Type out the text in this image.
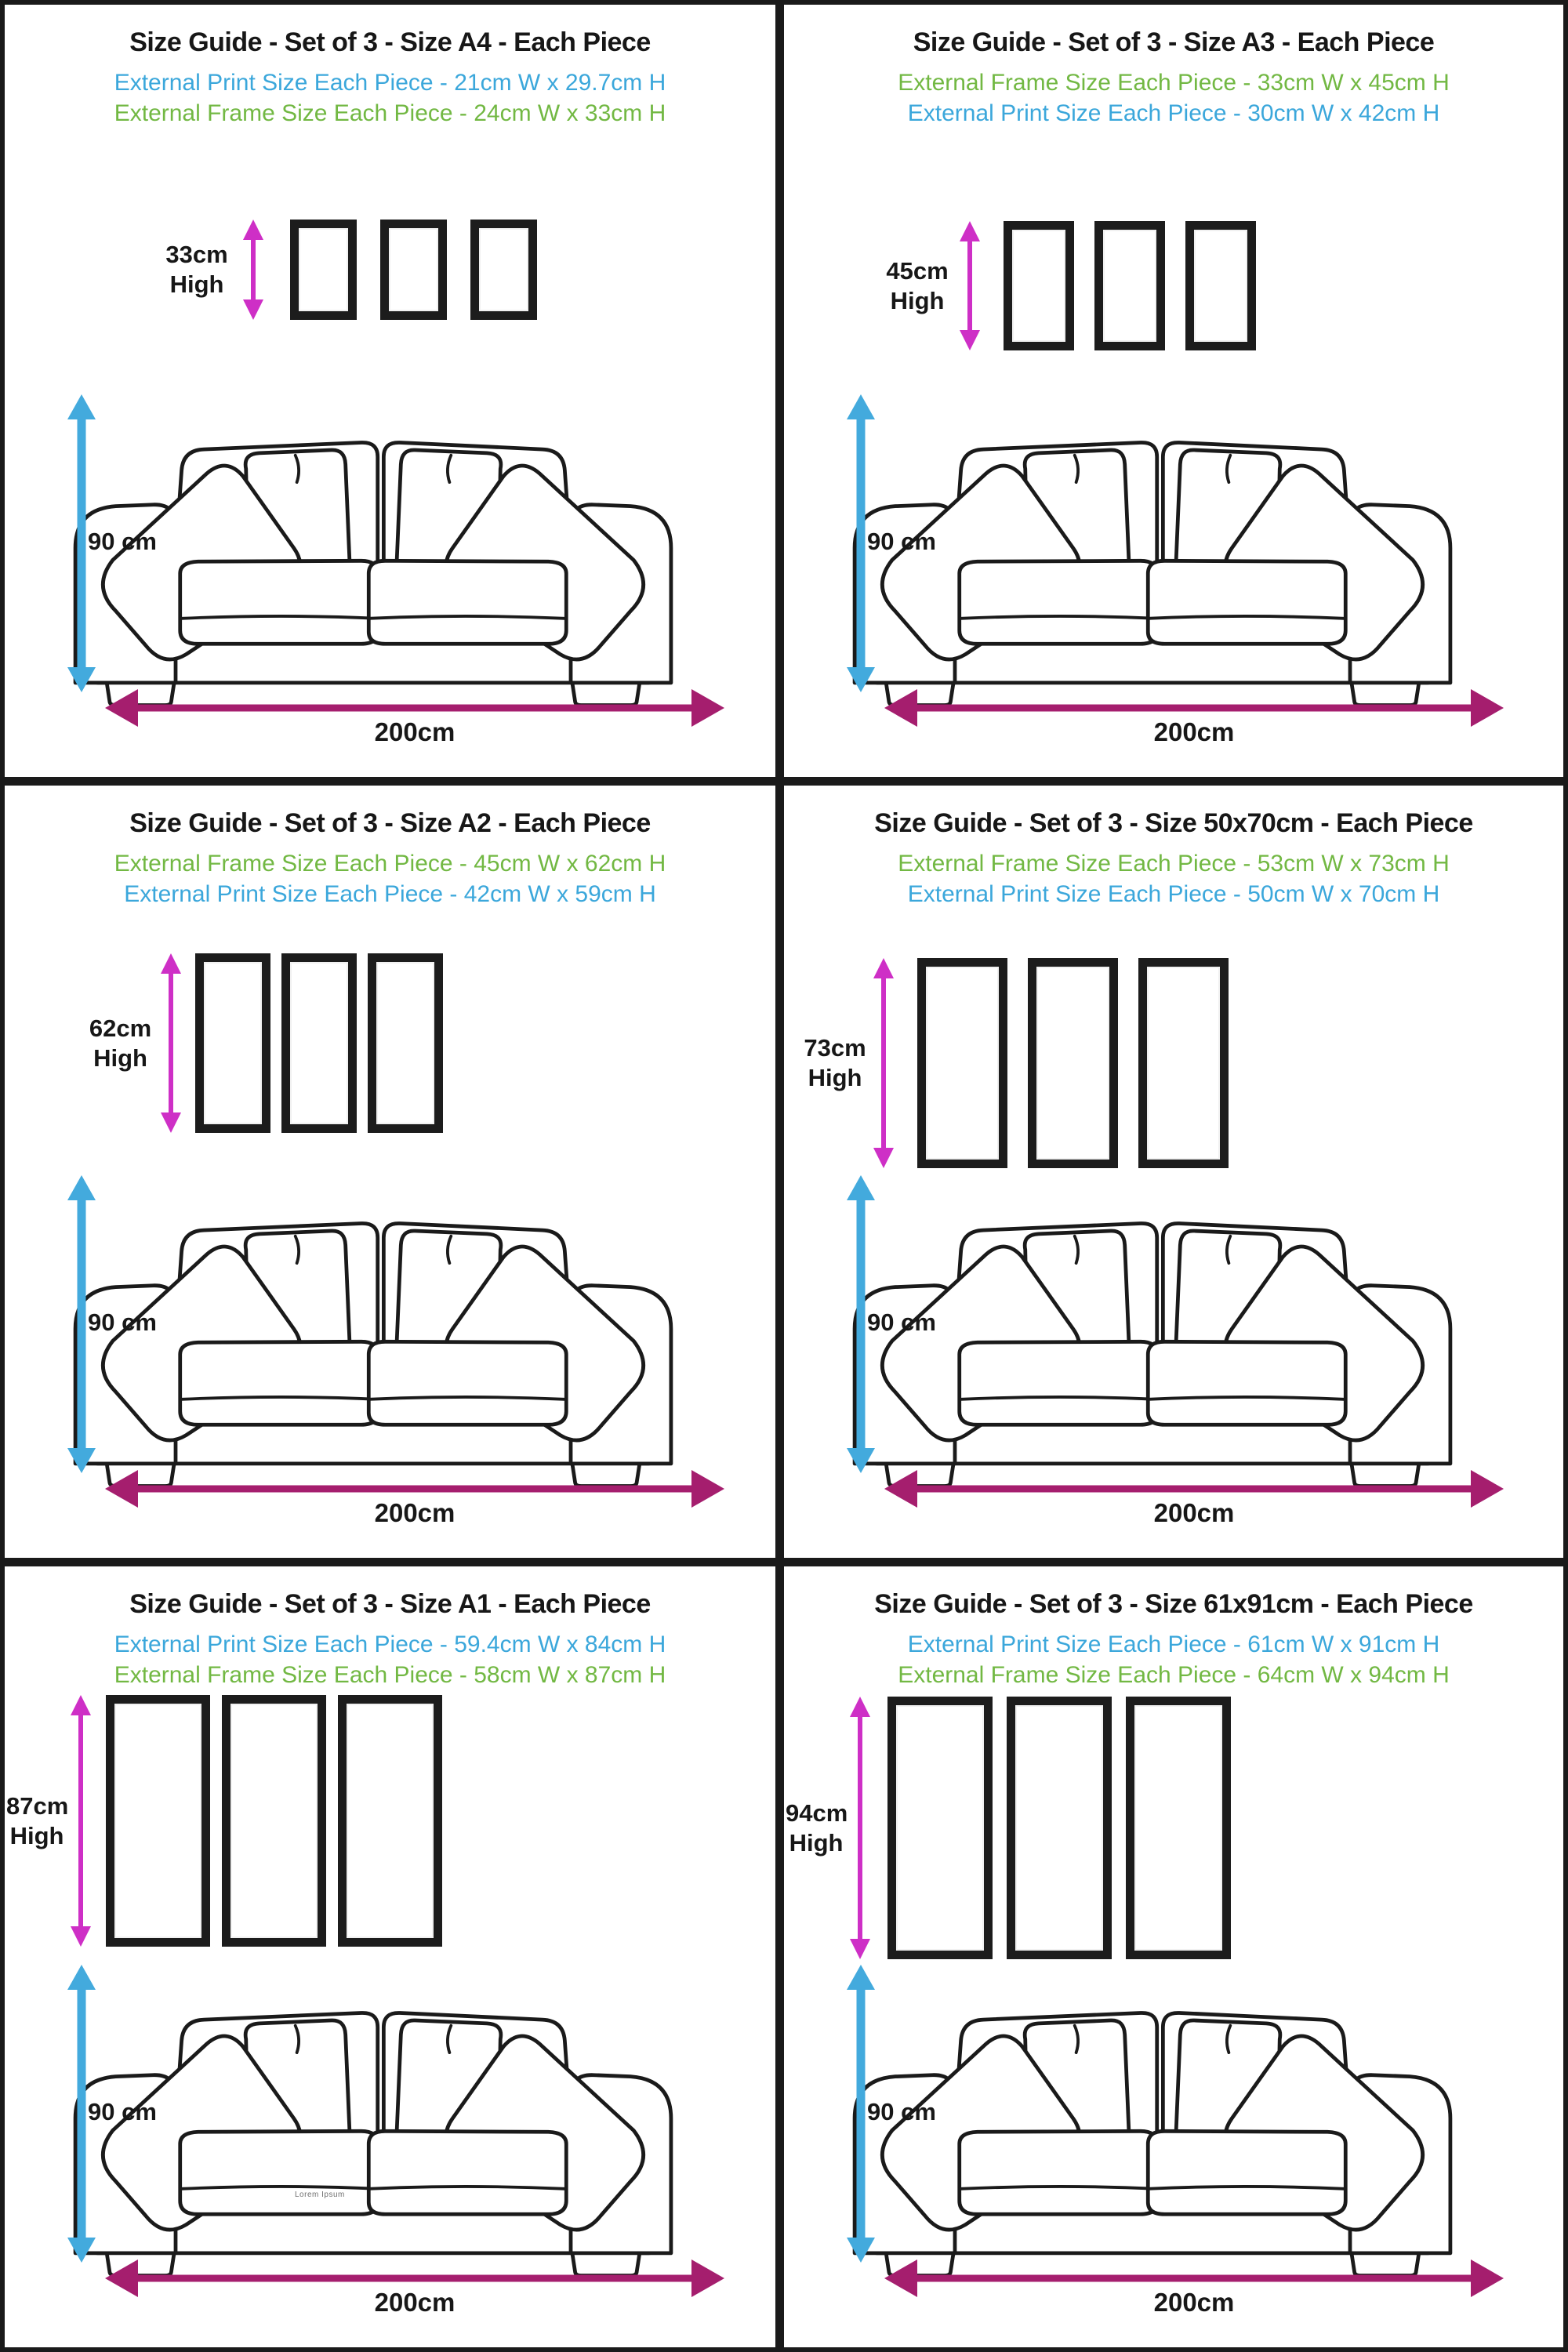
Size Guide - Set of 3 - Size A4 - Each Piece

External Print Size Each Piece - 21cm W x 29.7cm H

External Frame Size Each Piece - 24cm W x 33cm H

33cm
High
90 cm
200cm
Size Guide - Set of 3 - Size A3 - Each Piece

External Frame Size Each Piece - 33cm W x 45cm H

External Print Size Each Piece - 30cm W x 42cm H

45cm
High
90 cm
200cm
Size Guide - Set of 3 - Size A2 - Each Piece

External Frame Size Each Piece - 45cm W x 62cm H

External Print Size Each Piece - 42cm W x 59cm H

62cm
High
90 cm
200cm
Size Guide - Set of 3 - Size 50x70cm - Each Piece

External Frame Size Each Piece - 53cm W x 73cm H

External Print Size Each Piece - 50cm W x 70cm H

73cm
High
90 cm
200cm
Size Guide - Set of 3 - Size A1 - Each Piece

External Print Size Each Piece - 59.4cm W x 84cm H

External Frame Size Each Piece - 58cm W x 87cm H

87cm
High
90 cm
200cm
Lorem Ipsum
Size Guide - Set of 3 - Size 61x91cm - Each Piece

External Print Size Each Piece - 61cm W x 91cm H

External Frame Size Each Piece - 64cm W x 94cm H

94cm
High
90 cm
200cm
